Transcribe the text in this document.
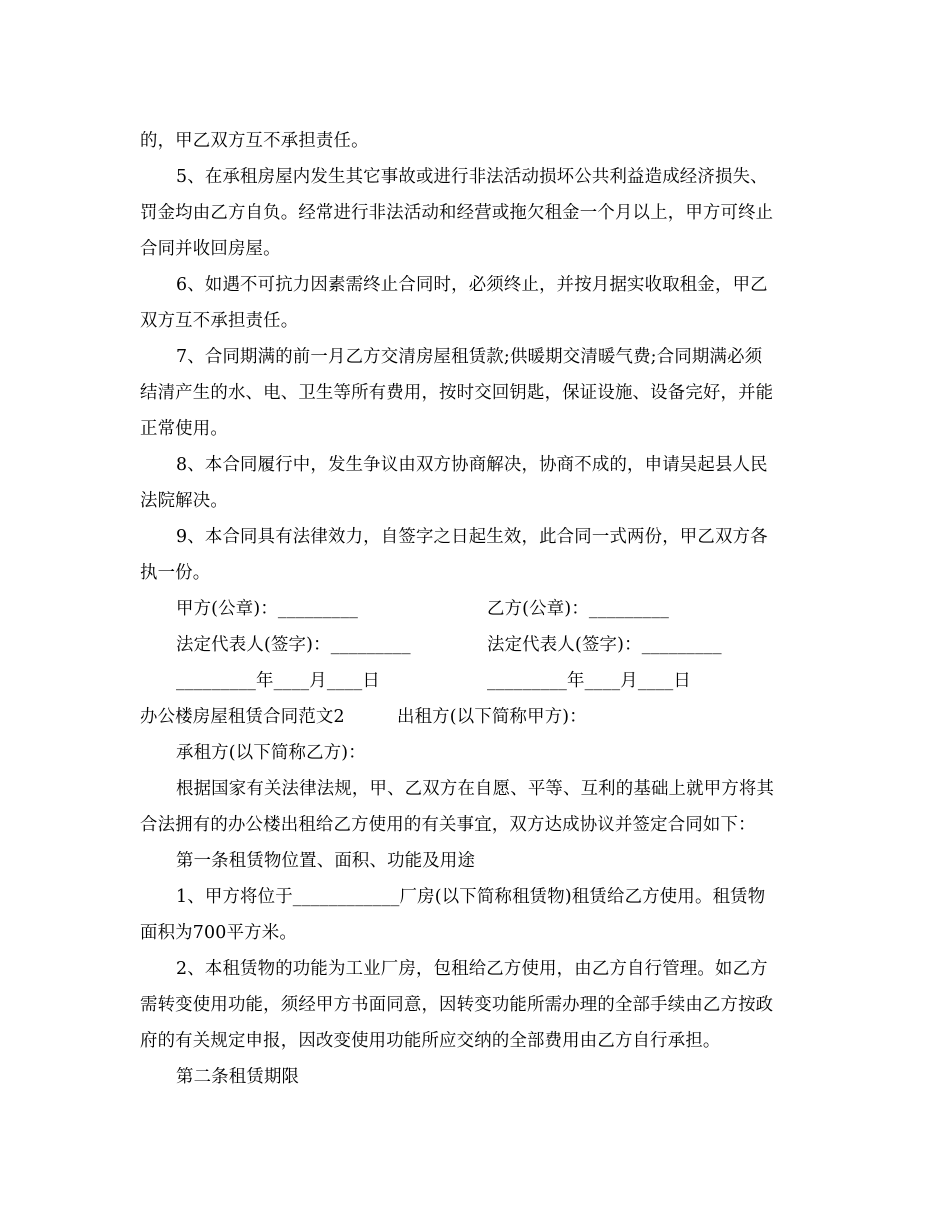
的，甲乙双方互不承担责任。
5、在承租房屋内发生其它事故或进行非法活动损坏公共利益造成经济损失、
罚金均由乙方自负。经常进行非法活动和经营或拖欠租金一个月以上，甲方可终止
合同并收回房屋。
6、如遇不可抗力因素需终止合同时，必须终止，并按月据实收取租金，甲乙
双方互不承担责任。
7、合同期满的前一月乙方交清房屋租赁款;供暖期交清暖气费;合同期满必须
结清产生的水、电、卫生等所有费用，按时交回钥匙，保证设施、设备完好，并能
正常使用。
8、本合同履行中，发生争议由双方协商解决，协商不成的，申请吴起县人民
法院解决。
9、本合同具有法律效力，自签字之日起生效，此合同一式两份，甲乙双方各
执一份。
甲方(公章)：_________	乙方(公章)：_________
法定代表人(签字)：_________	法定代表人(签字)：_________
_________年____月____日	_________年____月____日
办公楼房屋租赁合同范文2	出租方(以下简称甲方)：
承租方(以下简称乙方)：
根据国家有关法律法规，甲、乙双方在自愿、平等、互利的基础上就甲方将其
合法拥有的办公楼出租给乙方使用的有关事宜，双方达成协议并签定合同如下：
第一条租赁物位置、面积、功能及用途
1、甲方将位于____________厂房(以下简称租赁物)租赁给乙方使用。租赁物
面积为700平方米。
2、本租赁物的功能为工业厂房，包租给乙方使用，由乙方自行管理。如乙方
需转变使用功能，须经甲方书面同意，因转变功能所需办理的全部手续由乙方按政
府的有关规定申报，因改变使用功能所应交纳的全部费用由乙方自行承担。
第二条租赁期限
